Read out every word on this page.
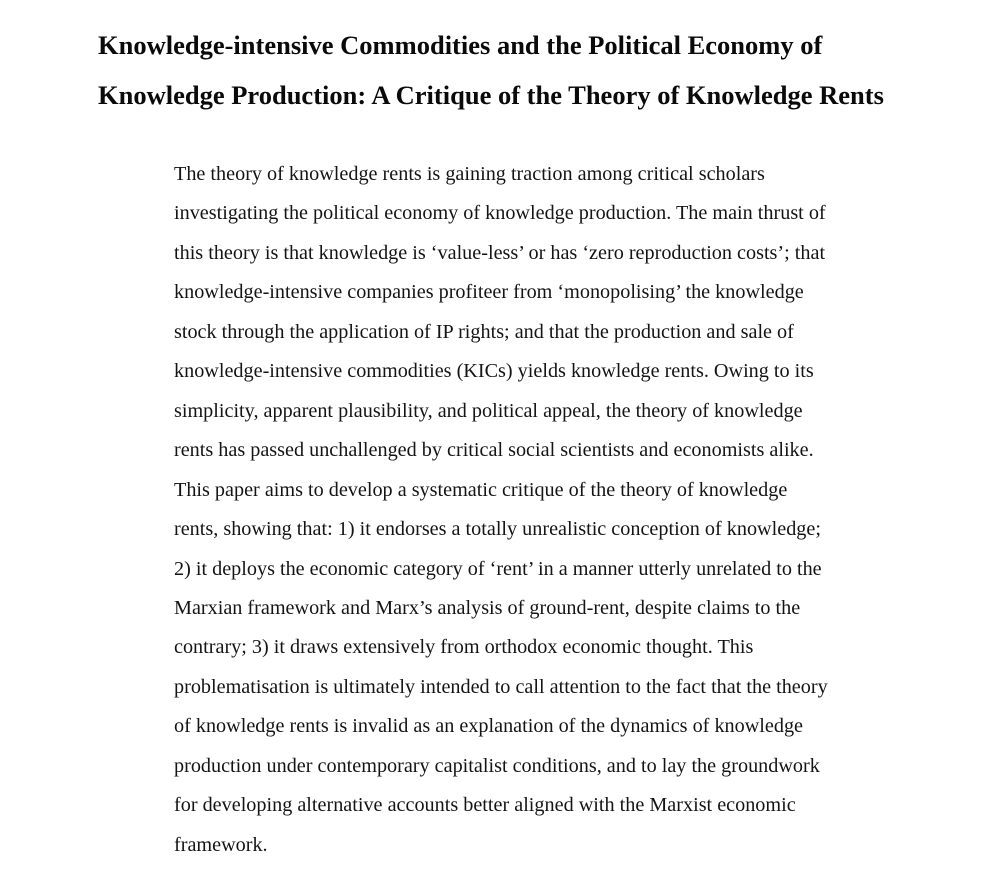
Knowledge-intensive Commodities and the Political Economy of
Knowledge Production: A Critique of the Theory of Knowledge Rents
The theory of knowledge rents is gaining traction among critical scholars
investigating the political economy of knowledge production. The main thrust of
this theory is that knowledge is ‘value-less’ or has ‘zero reproduction costs’; that
knowledge-intensive companies profiteer from ‘monopolising’ the knowledge
stock through the application of IP rights; and that the production and sale of
knowledge-intensive commodities (KICs) yields knowledge rents. Owing to its
simplicity, apparent plausibility, and political appeal, the theory of knowledge
rents has passed unchallenged by critical social scientists and economists alike.
This paper aims to develop a systematic critique of the theory of knowledge
rents, showing that: 1) it endorses a totally unrealistic conception of knowledge;
2) it deploys the economic category of ‘rent’ in a manner utterly unrelated to the
Marxian framework and Marx’s analysis of ground-rent, despite claims to the
contrary; 3) it draws extensively from orthodox economic thought. This
problematisation is ultimately intended to call attention to the fact that the theory
of knowledge rents is invalid as an explanation of the dynamics of knowledge
production under contemporary capitalist conditions, and to lay the groundwork
for developing alternative accounts better aligned with the Marxist economic
framework.
